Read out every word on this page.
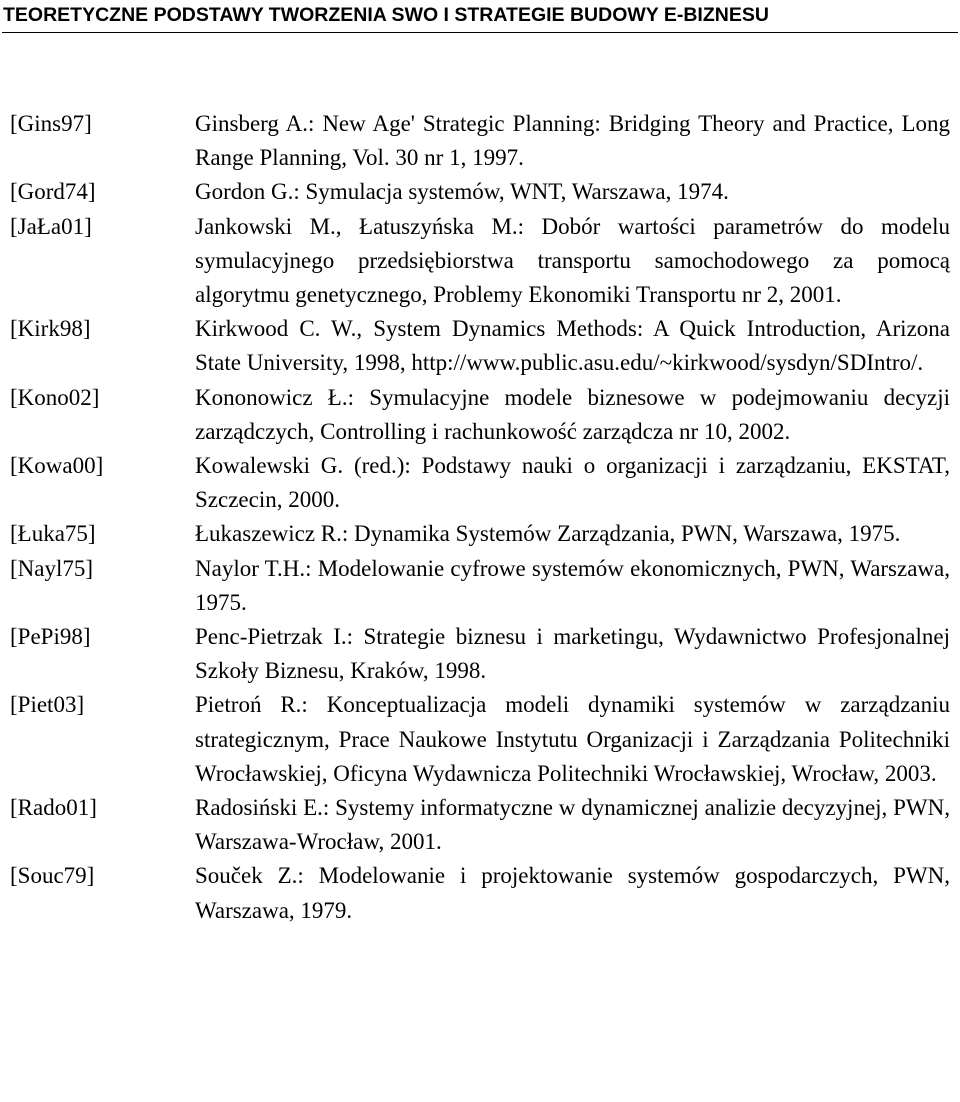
TEORETYCZNE PODSTAWY TWORZENIA SWO I STRATEGIE BUDOWY E-BIZNESU
[Gins97]	Ginsberg A.: New Age' Strategic Planning: Bridging Theory and Practice, Long Range Planning, Vol. 30 nr 1, 1997.
[Gord74]	Gordon G.: Symulacja systemów, WNT, Warszawa, 1974.
[JaŁa01]	Jankowski M., Łatuszyńska M.: Dobór wartości parametrów do modelu symulacyjnego przedsiębiorstwa transportu samochodowego za pomocą algorytmu genetycznego, Problemy Ekonomiki Transportu nr 2, 2001.
[Kirk98]	Kirkwood C. W., System Dynamics Methods: A Quick Introduction, Arizona State University, 1998, http://www.public.asu.edu/~kirkwood/sysdyn/SDIntro/.
[Kono02]	Kononowicz Ł.: Symulacyjne modele biznesowe w podejmowaniu decyzji zarządczych, Controlling i rachunkowość zarządcza nr 10, 2002.
[Kowa00]	Kowalewski G. (red.): Podstawy nauki o organizacji i zarządzaniu, EKSTAT, Szczecin, 2000.
[Łuka75]	Łukaszewicz R.: Dynamika Systemów Zarządzania, PWN, Warszawa, 1975.
[Nayl75]	Naylor T.H.: Modelowanie cyfrowe systemów ekonomicznych, PWN, Warszawa, 1975.
[PePi98]	Penc-Pietrzak I.: Strategie biznesu i marketingu, Wydawnictwo Profesjonalnej Szkoły Biznesu, Kraków, 1998.
[Piet03]	Pietroń R.: Konceptualizacja modeli dynamiki systemów w zarządzaniu strategicznym, Prace Naukowe Instytutu Organizacji i Zarządzania Politechniki Wrocławskiej, Oficyna Wydawnicza Politechniki Wrocławskiej, Wrocław, 2003.
[Rado01]	Radosiński E.: Systemy informatyczne w dynamicznej analizie decyzyjnej, PWN, Warszawa-Wrocław, 2001.
[Souc79]	Souček Z.: Modelowanie i projektowanie systemów gospodarczych, PWN, Warszawa, 1979.
